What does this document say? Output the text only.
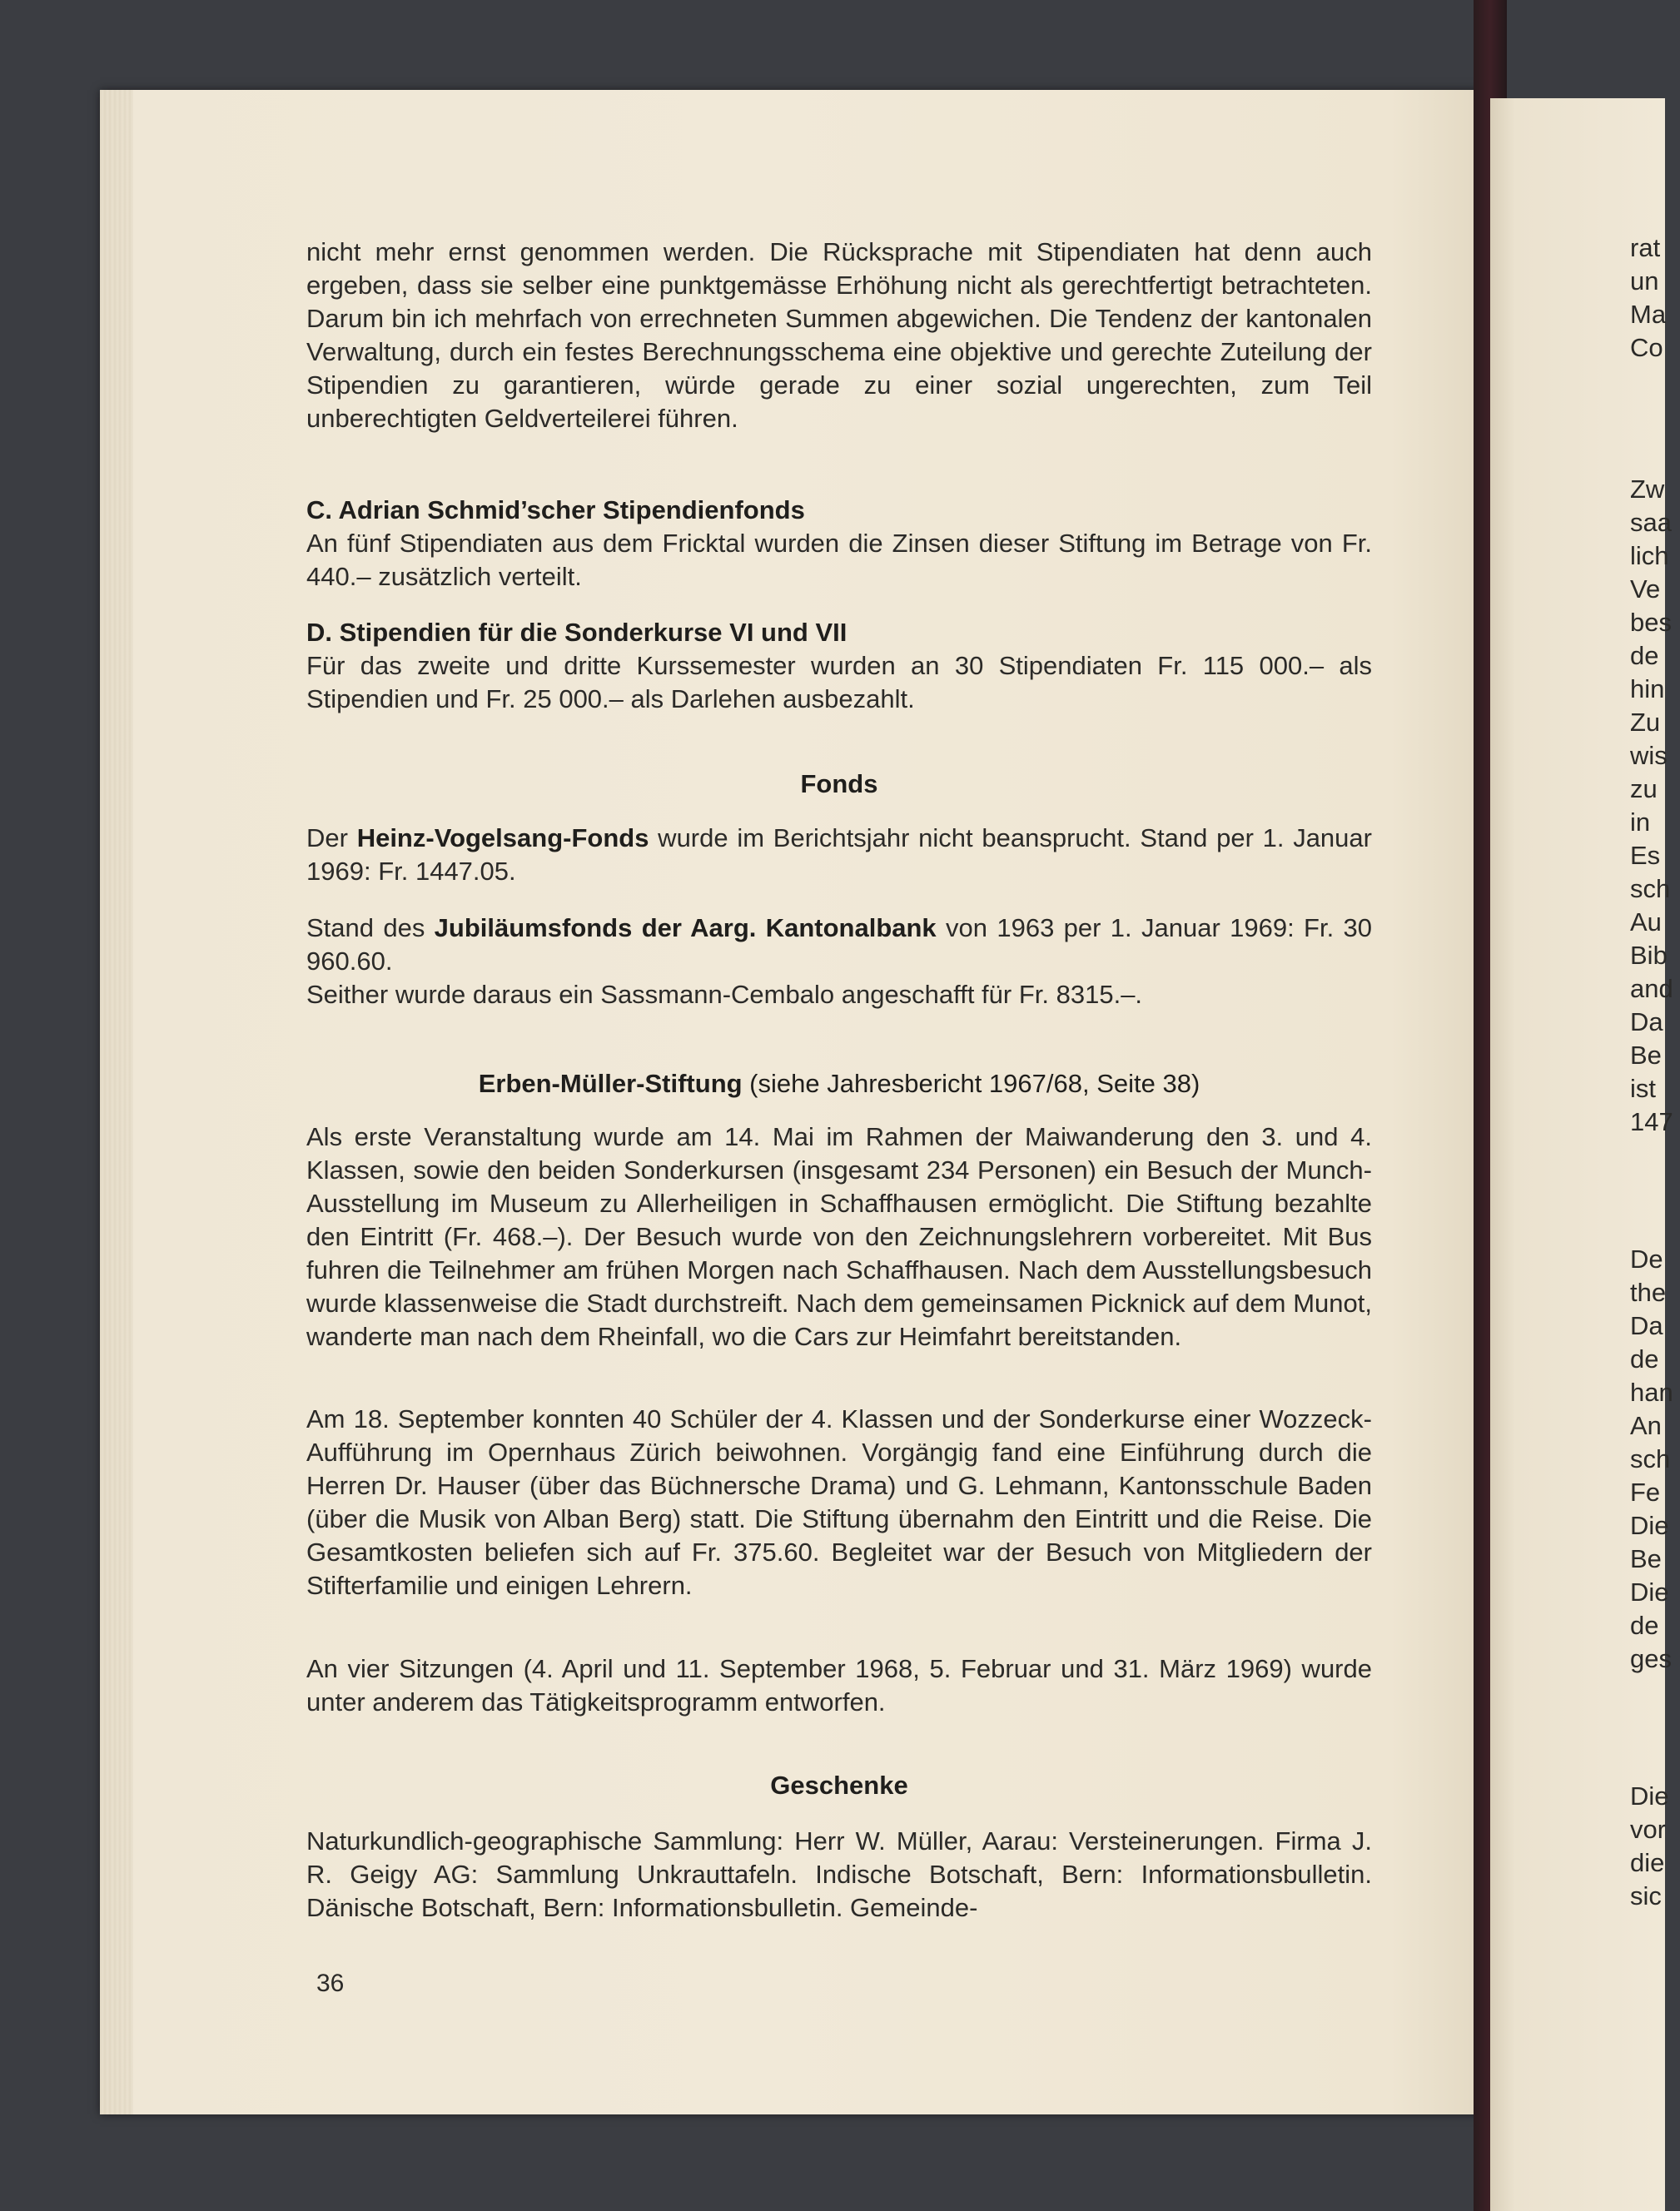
nicht mehr ernst genommen werden. Die Rücksprache mit Stipendiaten hat denn auch ergeben, dass sie selber eine punktgemässe Erhöhung nicht als gerechtfertigt betrachteten. Darum bin ich mehrfach von errechneten Summen abgewichen. Die Tendenz der kantonalen Verwaltung, durch ein festes Berechnungsschema eine objektive und gerechte Zuteilung der Stipendien zu garantieren, würde gerade zu einer sozial ungerechten, zum Teil unberechtigten Geldverteilerei führen.

C. Adrian Schmid’scher Stipendienfonds

An fünf Stipendiaten aus dem Fricktal wurden die Zinsen dieser Stiftung im Betrage von Fr. 440.– zusätzlich verteilt.

D. Stipendien für die Sonderkurse VI und VII

Für das zweite und dritte Kurssemester wurden an 30 Stipendiaten Fr. 115 000.– als Stipendien und Fr. 25 000.– als Darlehen ausbezahlt.

Fonds

Der Heinz-Vogelsang-Fonds wurde im Berichtsjahr nicht beansprucht. Stand per 1. Januar 1969: Fr. 1447.05.

Stand des Jubiläumsfonds der Aarg. Kantonalbank von 1963 per 1. Januar 1969: Fr. 30 960.60.

Seither wurde daraus ein Sassmann-Cembalo angeschafft für Fr. 8315.–.

Erben-Müller-Stiftung (siehe Jahresbericht 1967/68, Seite 38)

Als erste Veranstaltung wurde am 14. Mai im Rahmen der Maiwanderung den 3. und 4. Klassen, sowie den beiden Sonderkursen (insgesamt 234 Personen) ein Besuch der Munch-Ausstellung im Museum zu Allerheiligen in Schaffhausen ermöglicht. Die Stiftung bezahlte den Eintritt (Fr. 468.–). Der Besuch wurde von den Zeichnungslehrern vorbereitet. Mit Bus fuhren die Teilnehmer am frühen Morgen nach Schaffhausen. Nach dem Ausstellungsbesuch wurde klassenweise die Stadt durchstreift. Nach dem gemeinsamen Picknick auf dem Munot, wanderte man nach dem Rheinfall, wo die Cars zur Heimfahrt bereitstanden.

Am 18. September konnten 40 Schüler der 4. Klassen und der Sonderkurse einer Wozzeck-Aufführung im Opernhaus Zürich beiwohnen. Vorgängig fand eine Einführung durch die Herren Dr. Hauser (über das Büchnersche Drama) und G. Lehmann, Kantonsschule Baden (über die Musik von Alban Berg) statt. Die Stiftung übernahm den Eintritt und die Reise. Die Gesamtkosten beliefen sich auf Fr. 375.60. Begleitet war der Besuch von Mitgliedern der Stifterfamilie und einigen Lehrern.

An vier Sitzungen (4. April und 11. September 1968, 5. Februar und 31. März 1969) wurde unter anderem das Tätigkeitsprogramm entworfen.

Geschenke

Naturkundlich-geographische Sammlung: Herr W. Müller, Aarau: Versteinerungen. Firma J. R. Geigy AG: Sammlung Unkrauttafeln. Indische Botschaft, Bern: Informationsbulletin. Dänische Botschaft, Bern: Informationsbulletin. Gemeinde-

36
rat
un
Ma
Co
Zw
saa
lich
Ve
bes
de
hin
Zu
wis
zu
in
Es
sch
Au
Bib
and
Da
Be
ist
147
De
the
Da
de
han
An
sch
Fe
Die
Be
Die
de
ges
Die
vor
die
sic
